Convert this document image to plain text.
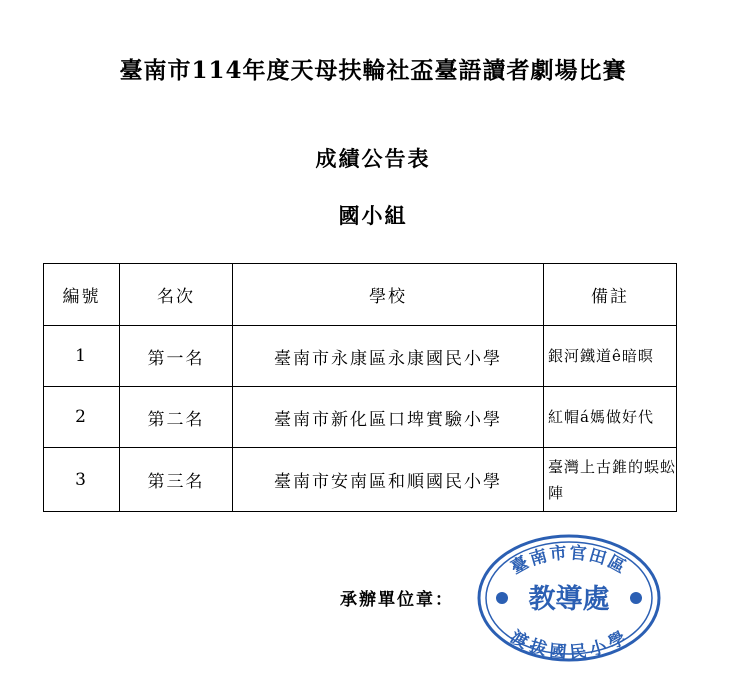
臺南市114年度天母扶輪社盃臺語讀者劇場比賽
成績公告表
國小組
編號	名次	學校	備註
1	第一名	臺南市永康區永康國民小學	銀河鐵道ê暗暝
2	第二名	臺南市新化區口埤實驗小學	紅帽á媽做好代
3	第三名	臺南市安南區和順國民小學	臺灣上古錐的蜈蚣陣
承辦單位章：
臺南市官田區
渡拔國民小學
教導處
